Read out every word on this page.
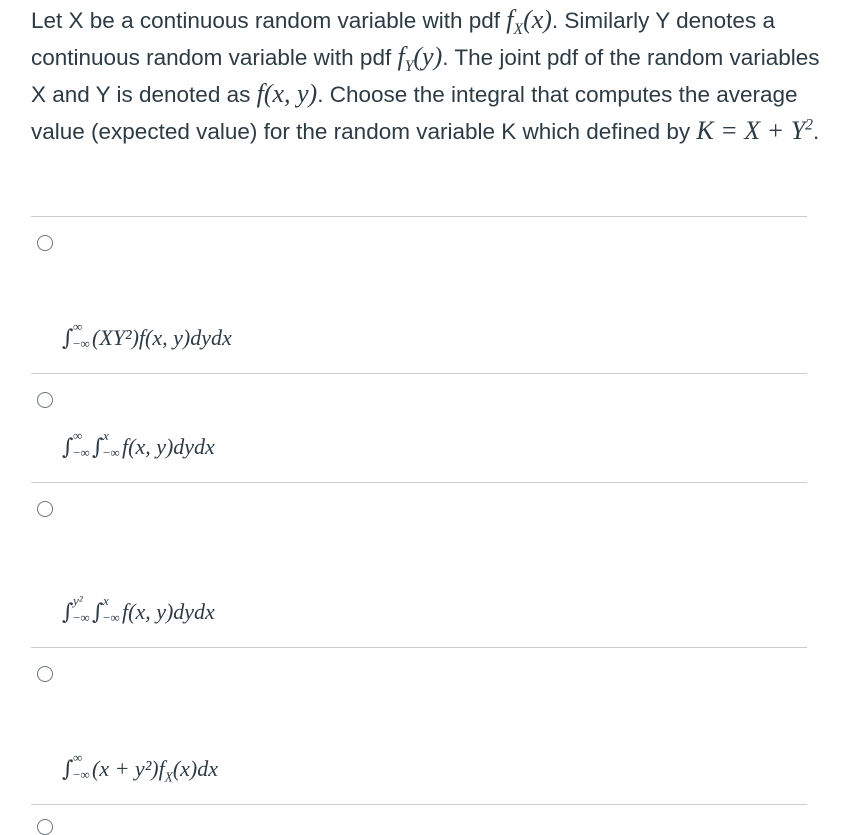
Let X be a continuous random variable with pdf $f_X(x)$. Similarly Y denotes a continuous random variable with pdf $f_Y(y)$. The joint pdf of the random variables X and Y is denoted as f(x, y). Choose the integral that computes the average value (expected value) for the random variable K which defined by $K = X + Y^2$.
∫ ∞
−∞ (XY²)f(x, y)dydx
∫ ∞
−∞ ∫ x
−∞ f(x, y)dydx
∫ y²
−∞ ∫ x
−∞ f(x, y)dydx
∫ ∞
−∞ $(x + y^2)f_X(x)dx$
